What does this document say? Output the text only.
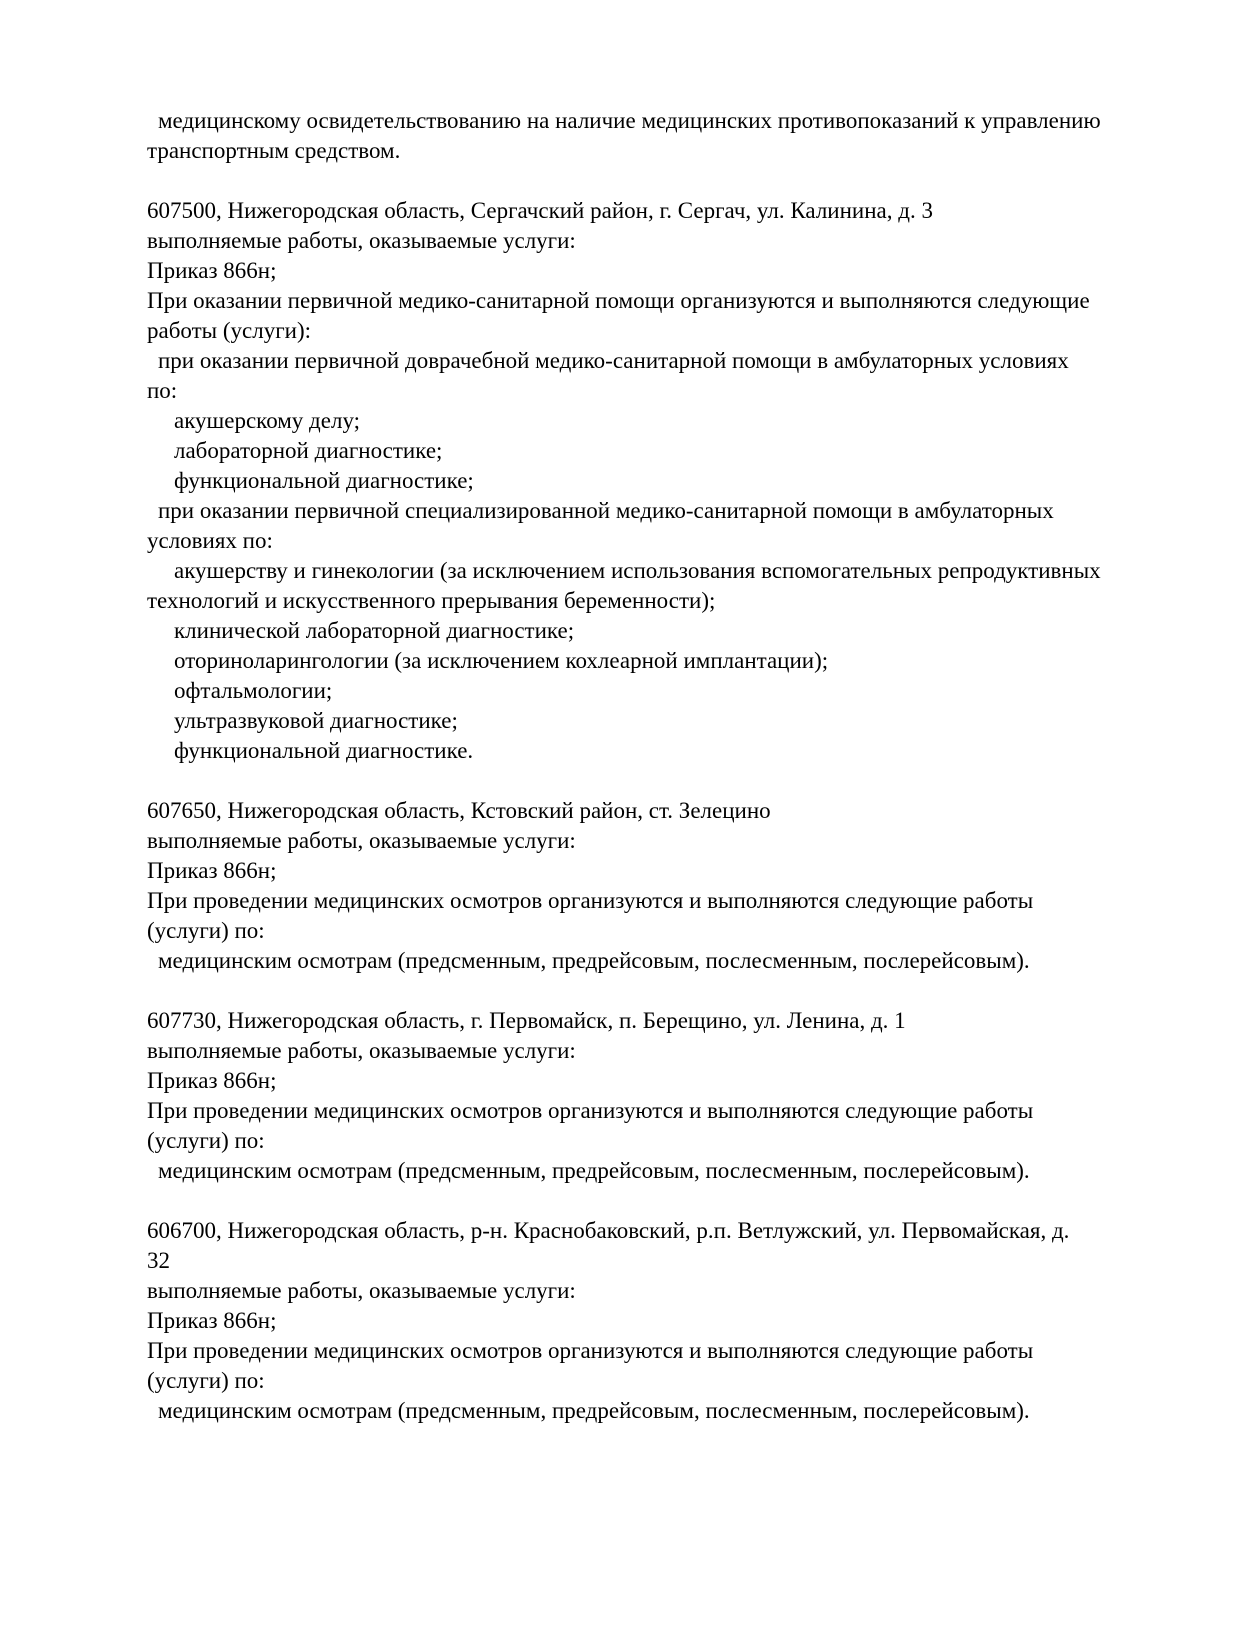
медицинскому освидетельствованию на наличие медицинских противопоказаний к управлению
транспортным средством.
607500, Нижегородская область, Сергачский район, г. Сергач, ул. Калинина, д. 3
выполняемые работы, оказываемые услуги:
Приказ 866н;
При оказании первичной медико-санитарной помощи организуются и выполняются следующие
работы (услуги):
при оказании первичной доврачебной медико-санитарной помощи в амбулаторных условиях
по:
акушерскому делу;
лабораторной диагностике;
функциональной диагностике;
при оказании первичной специализированной медико-санитарной помощи в амбулаторных
условиях по:
акушерству и гинекологии (за исключением использования вспомогательных репродуктивных
технологий и искусственного прерывания беременности);
клинической лабораторной диагностике;
оториноларингологии (за исключением кохлеарной имплантации);
офтальмологии;
ультразвуковой диагностике;
функциональной диагностике.
607650, Нижегородская область, Кстовский район, ст. Зелецино
выполняемые работы, оказываемые услуги:
Приказ 866н;
При проведении медицинских осмотров организуются и выполняются следующие работы
(услуги) по:
медицинским осмотрам (предсменным, предрейсовым, послесменным, послерейсовым).
607730, Нижегородская область, г. Первомайск, п. Берещино, ул. Ленина, д. 1
выполняемые работы, оказываемые услуги:
Приказ 866н;
При проведении медицинских осмотров организуются и выполняются следующие работы
(услуги) по:
медицинским осмотрам (предсменным, предрейсовым, послесменным, послерейсовым).
606700, Нижегородская область, р-н. Краснобаковский, р.п. Ветлужский, ул. Первомайская, д.
32
выполняемые работы, оказываемые услуги:
Приказ 866н;
При проведении медицинских осмотров организуются и выполняются следующие работы
(услуги) по:
медицинским осмотрам (предсменным, предрейсовым, послесменным, послерейсовым).
